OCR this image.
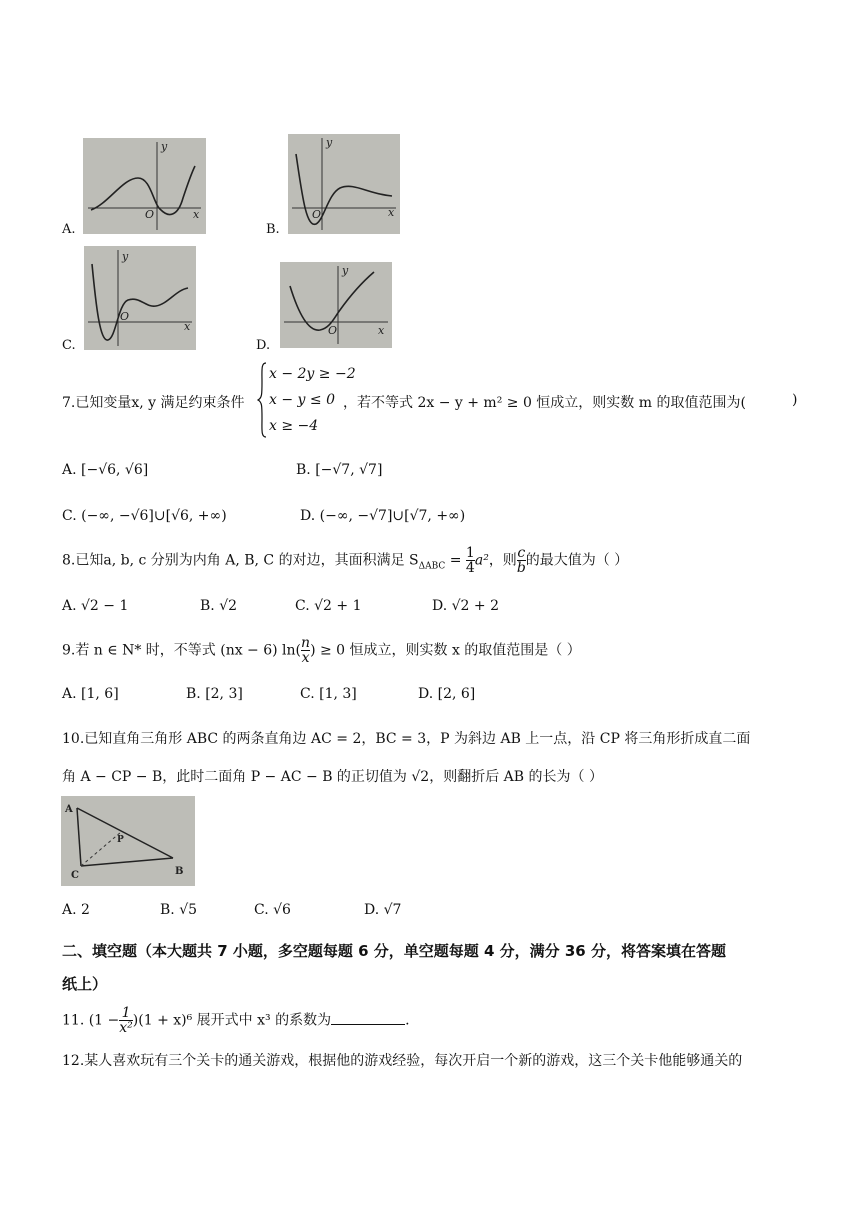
y
x
O
A.
y
x
O
B.
y
x
O
C.
y
x
O
D.
7.已知变量x, y 满足约束条件
x − 2y ≥ −2
x − y ≤ 0
x ≥ −4
，若不等式 2x − y + m² ≥ 0 恒成立，则实数 m 的取值范围为(	)
A. [−√6, √6]	B. [−√7, √7]
C. (−∞, −√6]∪[√6, +∞)	D. (−∞, −√7]∪[√7, +∞)
8.已知a, b, c 分别为内角 A, B, C 的对边，其面积满足 $S_{\Delta ABC} = \frac{1}{4} a^2$，则 $\frac{c}{b}$ 的最大值为（ ）
A. √2 − 1	B. √2	C. √2 + 1	D. √2 + 2
9.若 n ∈ N* 时，不等式 (nx − 6) $\ln( \frac{n}{x}$ ) ≥ 0 恒成立，则实数 x 的取值范围是（ ）
A. [1, 6]	B. [2, 3]	C. [1, 3]	D. [2, 6]
10.已知直角三角形 ABC 的两条直角边 AC = 2，BC = 3，P 为斜边 AB 上一点，沿 CP 将三角形折成直二面
角 A − CP − B，此时二面角 P − AC − B 的正切值为 √2，则翻折后 AB 的长为（ ）
A
B
C
P
A. 2	B. √5	C. √6	D. √7
二、填空题（本大题共 7 小题，多空题每题 6 分，单空题每题 4 分，满分 36 分，将答案填在答题
纸上）
11. $(1 - \frac{1}{\text{x²}} )(1 + x)^6$ 展开式中 x³ 的系数为	.
12.某人喜欢玩有三个关卡的通关游戏，根据他的游戏经验，每次开启一个新的游戏，这三个关卡他能够通关的
